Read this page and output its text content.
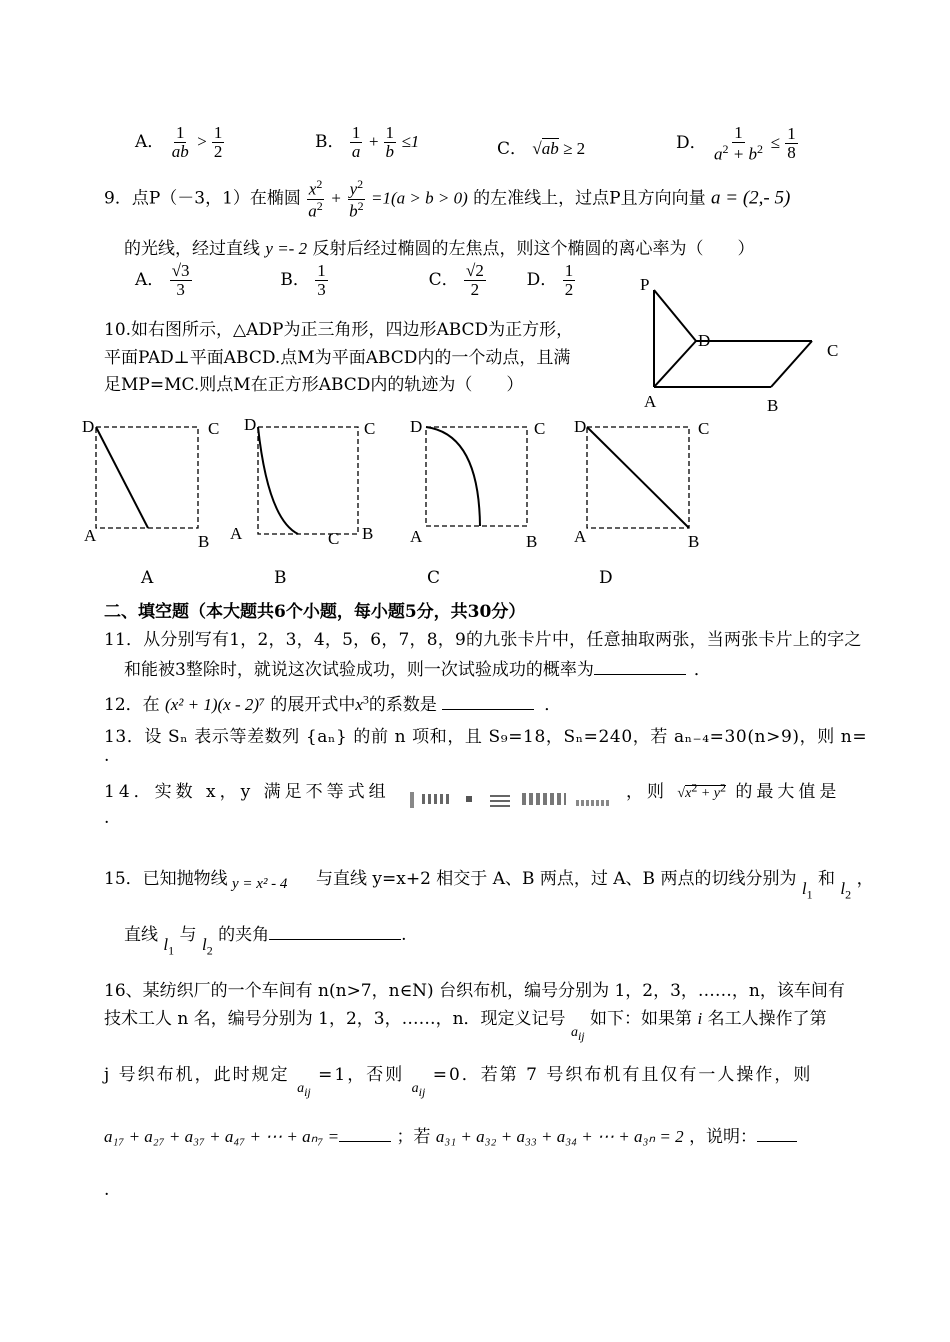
A． $\frac{1}{ab} > \frac{1}{2}$	B． $\frac{1}{a} + \frac{1}{b} \le 1$	C． √ab ≥ 2	D． $\frac{1}{a^2 + b^2} \le \frac{1}{8}$
9．点P（－3，1）在椭圆 $\frac{x^2}{a^2} + \frac{y^2}{b^2} =1(a > b > 0)$ 的左准线上，过点P且方向向量 a = (2,- 5)
的光线，经过直线 y =- 2 反射后经过椭圆的左焦点，则这个椭圆的离心率为（　　）
A． $\frac{√3}{3}$	B． $\frac{1}{3}$	C． $\frac{√2}{2}$ D． $\frac{1}{2}$
10.如右图所示，△ADP为正三角形，四边形ABCD为正方形，
平面PAD⊥平面ABCD.点M为平面ABCD内的一个动点，且满
足MP=MC.则点M在正方形ABCD内的轨迹为（　　）
P
D
C
A	B
D	C
A	B
D	C
A	C B
D	C
A	B
D	C
A	B
A	B	C	D
二、填空题（本大题共6个小题，每小题5分，共30分）
11．从分别写有1，2，3，4，5，6，7，8，9的九张卡片中，任意抽取两张，当两张卡片上的字之
和能被3整除时，就说这次试验成功，则一次试验成功的概率为	．
12．在 (x² + 1)(x - 2)⁷ 的展开式中$x^3$的系数是	．
13．设 Sₙ 表示等差数列 {aₙ} 的前 n 项和，且 S₉=18，Sₙ=240，若 aₙ₋₄=30(n>9)，则 n=
.
14．实数 x，y 满足不等式组	，则 $√x^2 + y^2$ 的最大值是
.
15．已知抛物线 y = x² - 4 与直线 y=x+2 相交于 A、B 两点，过 A、B 两点的切线分别为 $l_1$ 和 $l_2$ ，
直线 $l_1$ 与 $l_2$ 的夹角	.
16、某纺织厂的一个车间有 n(n>7，n∈N) 台织布机，编号分别为 1，2，3，……，n，该车间有
技术工人 n 名，编号分别为 1，2，3，……，n．现定义记号 $_{a_{ij}}$ 如下：如果第 i 名工人操作了第
j 号织布机，此时规定 $_{a_{ij}}$ =1，否则 $_{a_{ij}}$ =0．若第 7 号织布机有且仅有一人操作，则
a₁₇ + a₂₇ + a₃₇ + a₄₇ + ⋯ + aₙ₇ =	；若 a₃₁ + a₃₂ + a₃₃ + a₃₄ + ⋯ + a₃ₙ = 2 ，说明：
.
